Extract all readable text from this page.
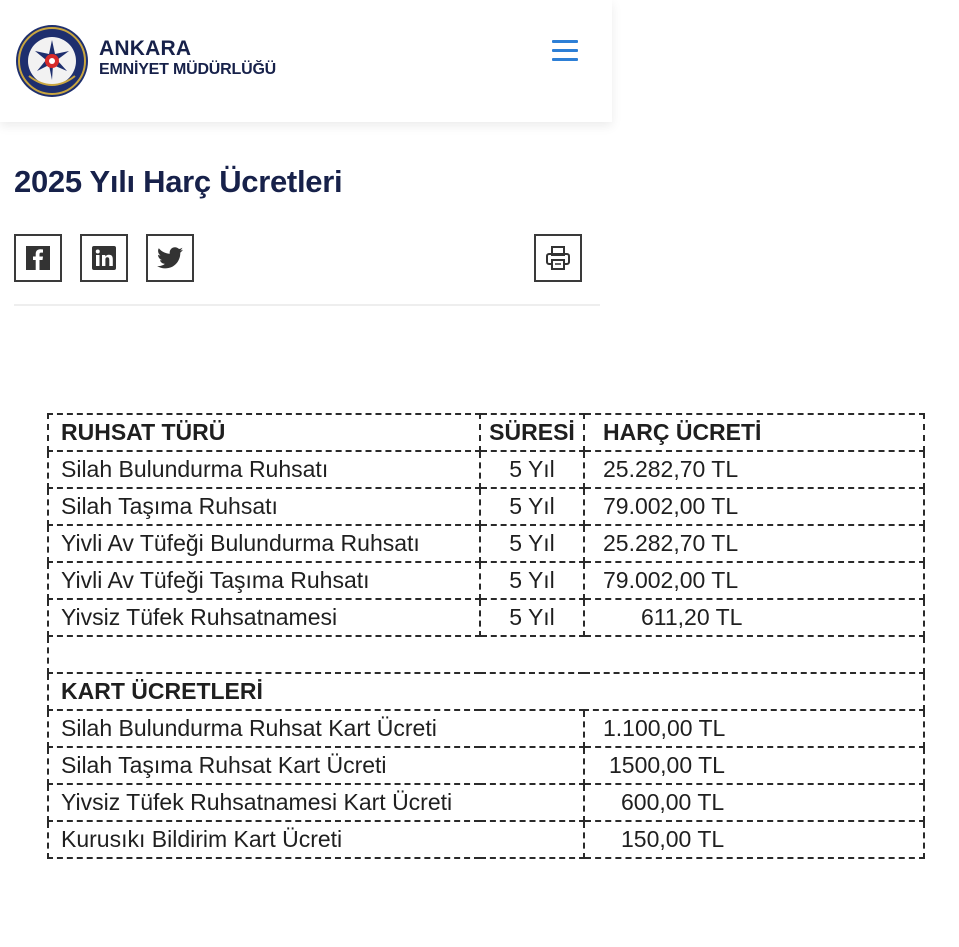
ANKARA
EMNİYET MÜDÜRLÜĞÜ
2025 Yılı Harç Ücretleri
RUHSAT TÜRÜ	SÜRESİ	HARÇ ÜCRETİ
Silah Bulundurma Ruhsatı	5 Yıl	25.282,70 TL
Silah Taşıma Ruhsatı	5 Yıl	79.002,00 TL
Yivli Av Tüfeği Bulundurma Ruhsatı	5 Yıl	25.282,70 TL
Yivli Av Tüfeği Taşıma Ruhsatı	5 Yıl	79.002,00 TL
Yivsiz Tüfek Ruhsatnamesi	5 Yıl	611,20 TL

KART ÜCRETLERİ		
Silah Bulundurma Ruhsat Kart Ücreti		1.100,00 TL
Silah Taşıma Ruhsat Kart Ücreti		1500,00 TL
Yivsiz Tüfek Ruhsatnamesi Kart Ücreti		600,00 TL
Kurusıkı Bildirim Kart Ücreti		150,00 TL
